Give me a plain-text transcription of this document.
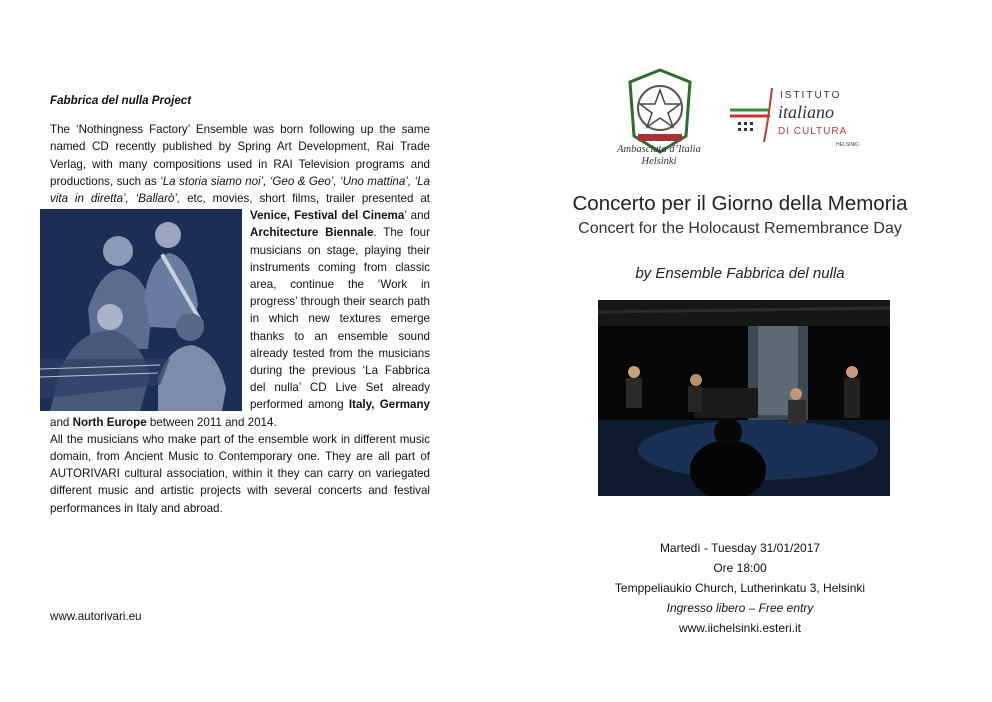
Fabbrica del nulla Project

The ‘Nothingness Factory’ Ensemble was born following up the same named CD recently published by Spring Art Development, Rai Trade Verlag, with many compositions used in RAI Television programs and productions, such as ‘La storia siamo noi’, ‘Geo & Geo’, ‘Uno mattina’, ‘La vita in diretta’, ‘Ballarò’, etc, movies, short films, trailer presented at Venice, Festival del Cinema’ and
Architecture Biennale. The four musicians on stage, playing their instruments coming from classic area, continue the ‘Work in progress’ through their search path in which new textures emerge thanks to an ensemble sound already tested from the musicians during the previous ‘La Fabbrica del nulla’ CD Live Set already performed among Italy, Germany and North Europe between 2011 and 2014.

All the musicians who make part of the ensemble work in different music domain, from Ancient Music to Contemporary one. They are all part of AUTORIVARI cultural association, within it they can carry on variegated different music and artistic projects with several concerts and festival performances in Italy and abroad.

www.autorivari.eu
Ambasciata d’Italia
Helsinki
ISTITUTO
italiano
DI CULTURA
HELSINKI
Concerto per il Giorno della Memoria
Concert for the Holocaust Remembrance Day
by Ensemble Fabbrica del nulla
Martedì - Tuesday 31/01/2017
Ore 18:00
Temppeliaukio Church, Lutherinkatu 3, Helsinki
Ingresso libero – Free entry
www.iichelsinki.esteri.it
